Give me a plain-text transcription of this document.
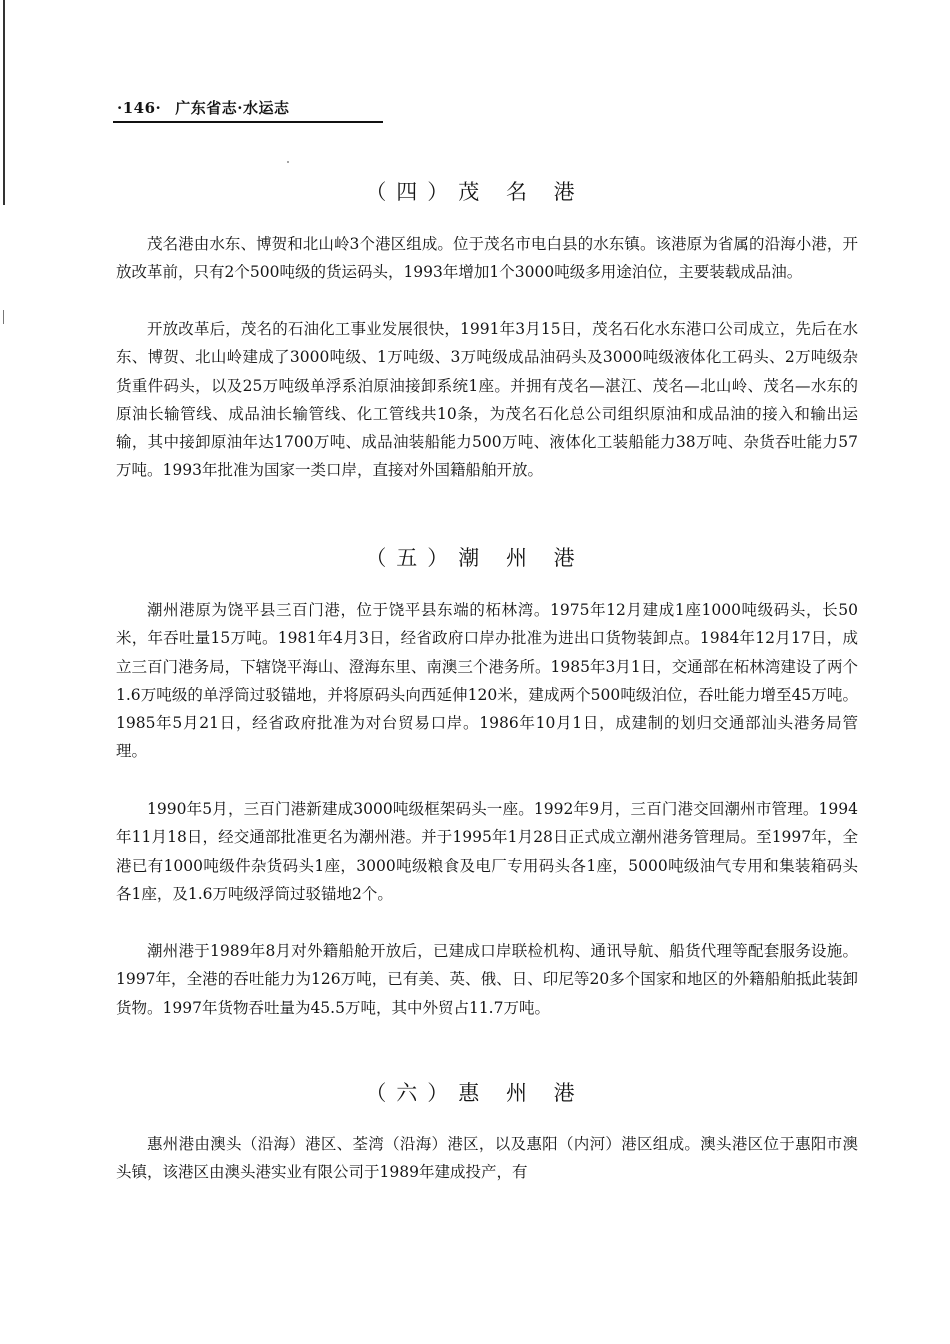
·146· 广东省志·水运志
（四）茂 名 港

茂名港由水东、博贺和北山岭3个港区组成。位于茂名市电白县的水东镇。该港原为省属的沿海小港，开放改革前，只有2个500吨级的货运码头，1993年增加1个3000吨级多用途泊位，主要装载成品油。

开放改革后，茂名的石油化工事业发展很快，1991年3月15日，茂名石化水东港口公司成立，先后在水东、博贺、北山岭建成了3000吨级、1万吨级、3万吨级成品油码头及3000吨级液体化工码头、2万吨级杂货重件码头，以及25万吨级单浮系泊原油接卸系统1座。并拥有茂名—湛江、茂名—北山岭、茂名—水东的原油长输管线、成品油长输管线、化工管线共10条，为茂名石化总公司组织原油和成品油的接入和输出运输，其中接卸原油年达1700万吨、成品油装船能力500万吨、液体化工装船能力38万吨、杂货吞吐能力57万吨。1993年批准为国家一类口岸，直接对外国籍船舶开放。

（五）潮 州 港

潮州港原为饶平县三百门港，位于饶平县东端的柘林湾。1975年12月建成1座1000吨级码头，长50米，年吞吐量15万吨。1981年4月3日，经省政府口岸办批准为进出口货物装卸点。1984年12月17日，成立三百门港务局，下辖饶平海山、澄海东里、南澳三个港务所。1985年3月1日，交通部在柘林湾建设了两个1.6万吨级的单浮筒过驳锚地，并将原码头向西延伸120米，建成两个500吨级泊位，吞吐能力增至45万吨。1985年5月21日，经省政府批准为对台贸易口岸。1986年10月1日，成建制的划归交通部汕头港务局管理。

1990年5月，三百门港新建成3000吨级框架码头一座。1992年9月，三百门港交回潮州市管理。1994年11月18日，经交通部批准更名为潮州港。并于1995年1月28日正式成立潮州港务管理局。至1997年，全港已有1000吨级件杂货码头1座，3000吨级粮食及电厂专用码头各1座，5000吨级油气专用和集装箱码头各1座，及1.6万吨级浮筒过驳锚地2个。

潮州港于1989年8月对外籍船舱开放后，已建成口岸联检机构、通讯导航、船货代理等配套服务设施。1997年，全港的吞吐能力为126万吨，已有美、英、俄、日、印尼等20多个国家和地区的外籍船舶抵此装卸货物。1997年货物吞吐量为45.5万吨，其中外贸占11.7万吨。

（六）惠 州 港

惠州港由澳头（沿海）港区、荃湾（沿海）港区，以及惠阳（内河）港区组成。澳头港区位于惠阳市澳头镇，该港区由澳头港实业有限公司于1989年建成投产，有
